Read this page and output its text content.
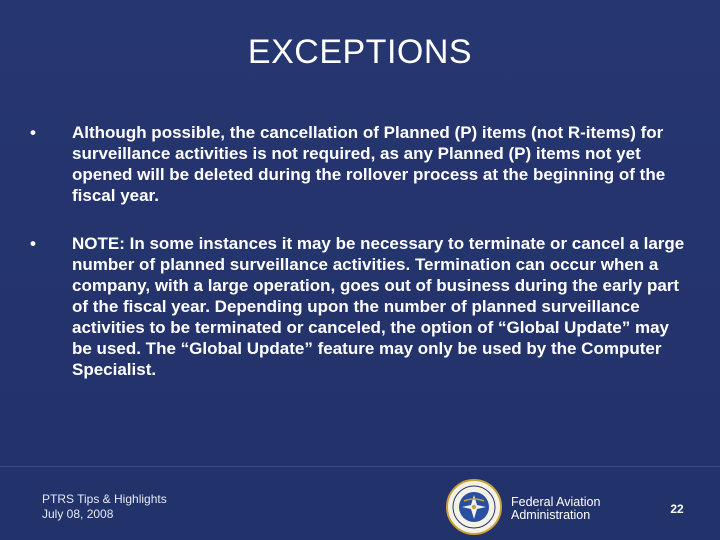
EXCEPTIONS
•	Although possible, the cancellation of Planned (P) items (not R-items) for surveillance activities is not required, as any Planned (P) items not yet opened will be deleted during the rollover process at the beginning of the fiscal year.
•	NOTE: In some instances it may be necessary to terminate or cancel a large number of planned surveillance activities. Termination can occur when a company, with a large operation, goes out of business during the early part of the fiscal year. Depending upon the number of planned surveillance activities to be terminated or canceled, the option of “Global Update” may be used. The “Global Update” feature may only be used by the Computer Specialist.
PTRS Tips & Highlights
July 08, 2008
Federal Aviation
Administration	22
